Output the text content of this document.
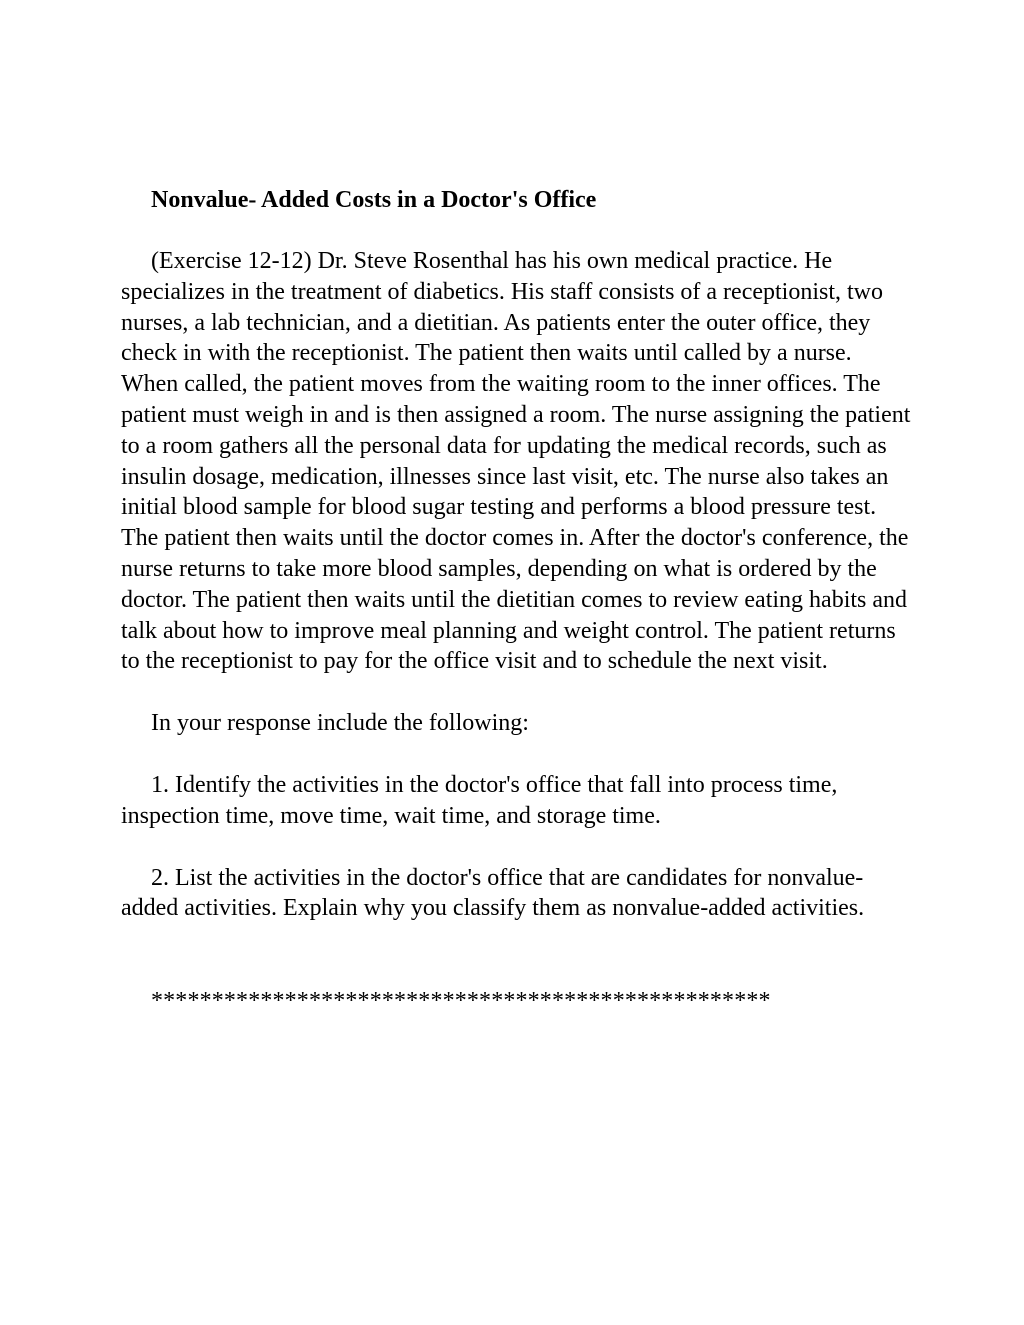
Nonvalue- Added Costs in a Doctor's Office

(Exercise 12-12) Dr. Steve Rosenthal has his own medical practice. He specializes in the treatment of diabetics. His staff consists of a receptionist, two nurses, a lab technician, and a dietitian. As patients enter the outer office, they check in with the receptionist. The patient then waits until called by a nurse. When called, the patient moves from the waiting room to the inner offices. The patient must weigh in and is then assigned a room. The nurse assigning the patient to a room gathers all the personal data for updating the medical records, such as insulin dosage, medication, illnesses since last visit, etc. The nurse also takes an initial blood sample for blood sugar testing and performs a blood pressure test. The patient then waits until the doctor comes in. After the doctor's conference, the nurse returns to take more blood samples, depending on what is ordered by the doctor. The patient then waits until the dietitian comes to review eating habits and talk about how to improve meal planning and weight control. The patient returns to the receptionist to pay for the office visit and to schedule the next visit.

In your response include the following:

1. Identify the activities in the doctor's office that fall into process time, inspection time, move time, wait time, and storage time.

2. List the activities in the doctor's office that are candidates for nonvalue-added activities. Explain why you classify them as nonvalue-added activities.

***************************************************
